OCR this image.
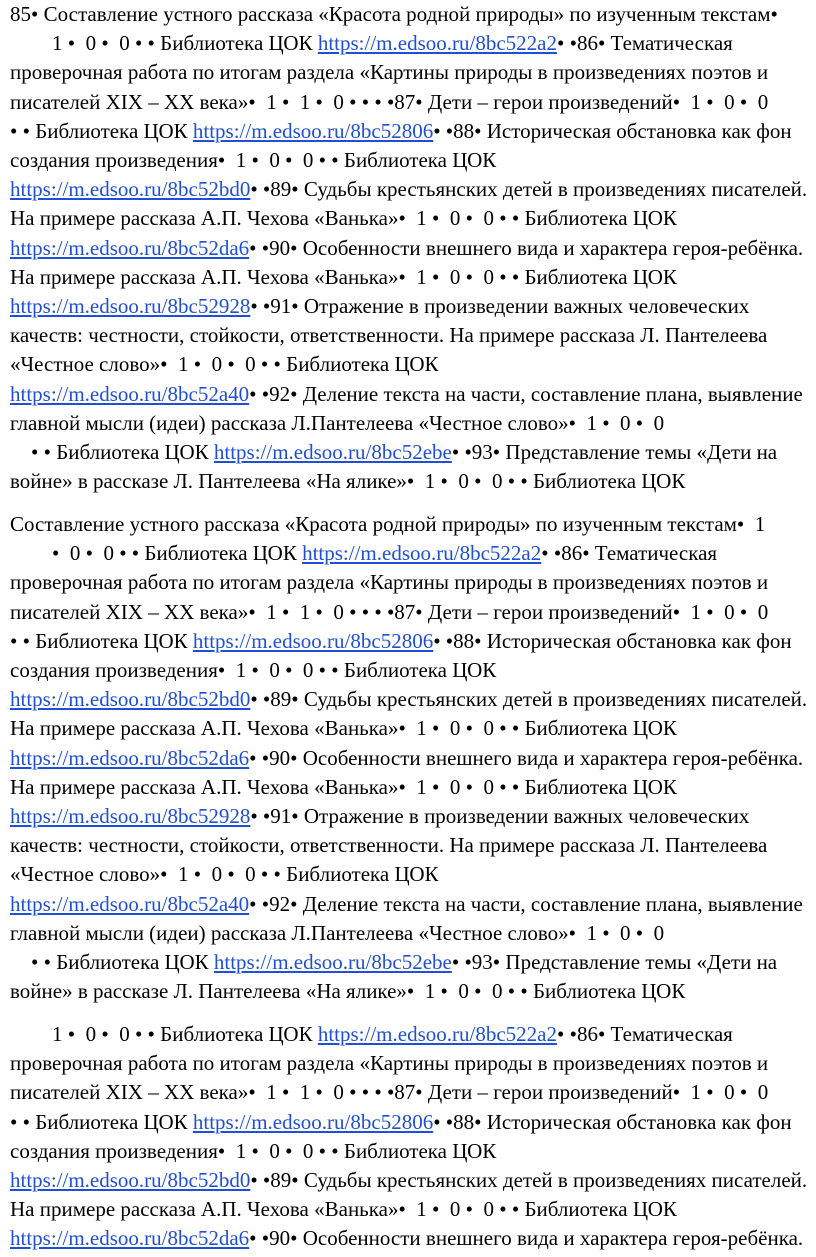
85• Составление устного рассказа «Красота родной природы» по изученным текстам•
1 •  0 •  0 • • Библиотека ЦОК https://m.edsoo.ru/8bc522a2• •86• Тематическая
проверочная работа по итогам раздела «Картины природы в произведениях поэтов и
писателей ХIХ – ХХ века»•  1 •  1 •  0 • • • •87• Дети – герои произведений•  1 •  0 •  0
• • Библиотека ЦОК https://m.edsoo.ru/8bc52806• •88• Историческая обстановка как фон
создания произведения•  1 •  0 •  0 • • Библиотека ЦОК
https://m.edsoo.ru/8bc52bd0• •89• Судьбы крестьянских детей в произведениях писателей.
На примере рассказа А.П. Чехова «Ванька»•  1 •  0 •  0 • • Библиотека ЦОК
https://m.edsoo.ru/8bc52da6• •90• Особенности внешнего вида и характера героя-ребёнка.
На примере рассказа А.П. Чехова «Ванька»•  1 •  0 •  0 • • Библиотека ЦОК
https://m.edsoo.ru/8bc52928• •91• Отражение в произведении важных человеческих
качеств: честности, стойкости, ответственности. На примере рассказа Л. Пантелеева
«Честное слово»•  1 •  0 •  0 • • Библиотека ЦОК
https://m.edsoo.ru/8bc52a40• •92• Деление текста на части, составление плана, выявление
главной мысли (идеи) рассказа Л.Пантелеева «Честное слово»•  1 •  0 •  0
• • Библиотека ЦОК https://m.edsoo.ru/8bc52ebe• •93• Представление темы «Дети на
войне» в рассказе Л. Пантелеева «На ялике»•  1 •  0 •  0 • • Библиотека ЦОК
Составление устного рассказа «Красота родной природы» по изученным текстам•  1
•  0 •  0 • • Библиотека ЦОК https://m.edsoo.ru/8bc522a2• •86• Тематическая
проверочная работа по итогам раздела «Картины природы в произведениях поэтов и
писателей ХIХ – ХХ века»•  1 •  1 •  0 • • • •87• Дети – герои произведений•  1 •  0 •  0
• • Библиотека ЦОК https://m.edsoo.ru/8bc52806• •88• Историческая обстановка как фон
создания произведения•  1 •  0 •  0 • • Библиотека ЦОК
https://m.edsoo.ru/8bc52bd0• •89• Судьбы крестьянских детей в произведениях писателей.
На примере рассказа А.П. Чехова «Ванька»•  1 •  0 •  0 • • Библиотека ЦОК
https://m.edsoo.ru/8bc52da6• •90• Особенности внешнего вида и характера героя-ребёнка.
На примере рассказа А.П. Чехова «Ванька»•  1 •  0 •  0 • • Библиотека ЦОК
https://m.edsoo.ru/8bc52928• •91• Отражение в произведении важных человеческих
качеств: честности, стойкости, ответственности. На примере рассказа Л. Пантелеева
«Честное слово»•  1 •  0 •  0 • • Библиотека ЦОК
https://m.edsoo.ru/8bc52a40• •92• Деление текста на части, составление плана, выявление
главной мысли (идеи) рассказа Л.Пантелеева «Честное слово»•  1 •  0 •  0
• • Библиотека ЦОК https://m.edsoo.ru/8bc52ebe• •93• Представление темы «Дети на
войне» в рассказе Л. Пантелеева «На ялике»•  1 •  0 •  0 • • Библиотека ЦОК
1 •  0 •  0 • • Библиотека ЦОК https://m.edsoo.ru/8bc522a2• •86• Тематическая
проверочная работа по итогам раздела «Картины природы в произведениях поэтов и
писателей ХIХ – ХХ века»•  1 •  1 •  0 • • • •87• Дети – герои произведений•  1 •  0 •  0
• • Библиотека ЦОК https://m.edsoo.ru/8bc52806• •88• Историческая обстановка как фон
создания произведения•  1 •  0 •  0 • • Библиотека ЦОК
https://m.edsoo.ru/8bc52bd0• •89• Судьбы крестьянских детей в произведениях писателей.
На примере рассказа А.П. Чехова «Ванька»•  1 •  0 •  0 • • Библиотека ЦОК
https://m.edsoo.ru/8bc52da6• •90• Особенности внешнего вида и характера героя-ребёнка.
